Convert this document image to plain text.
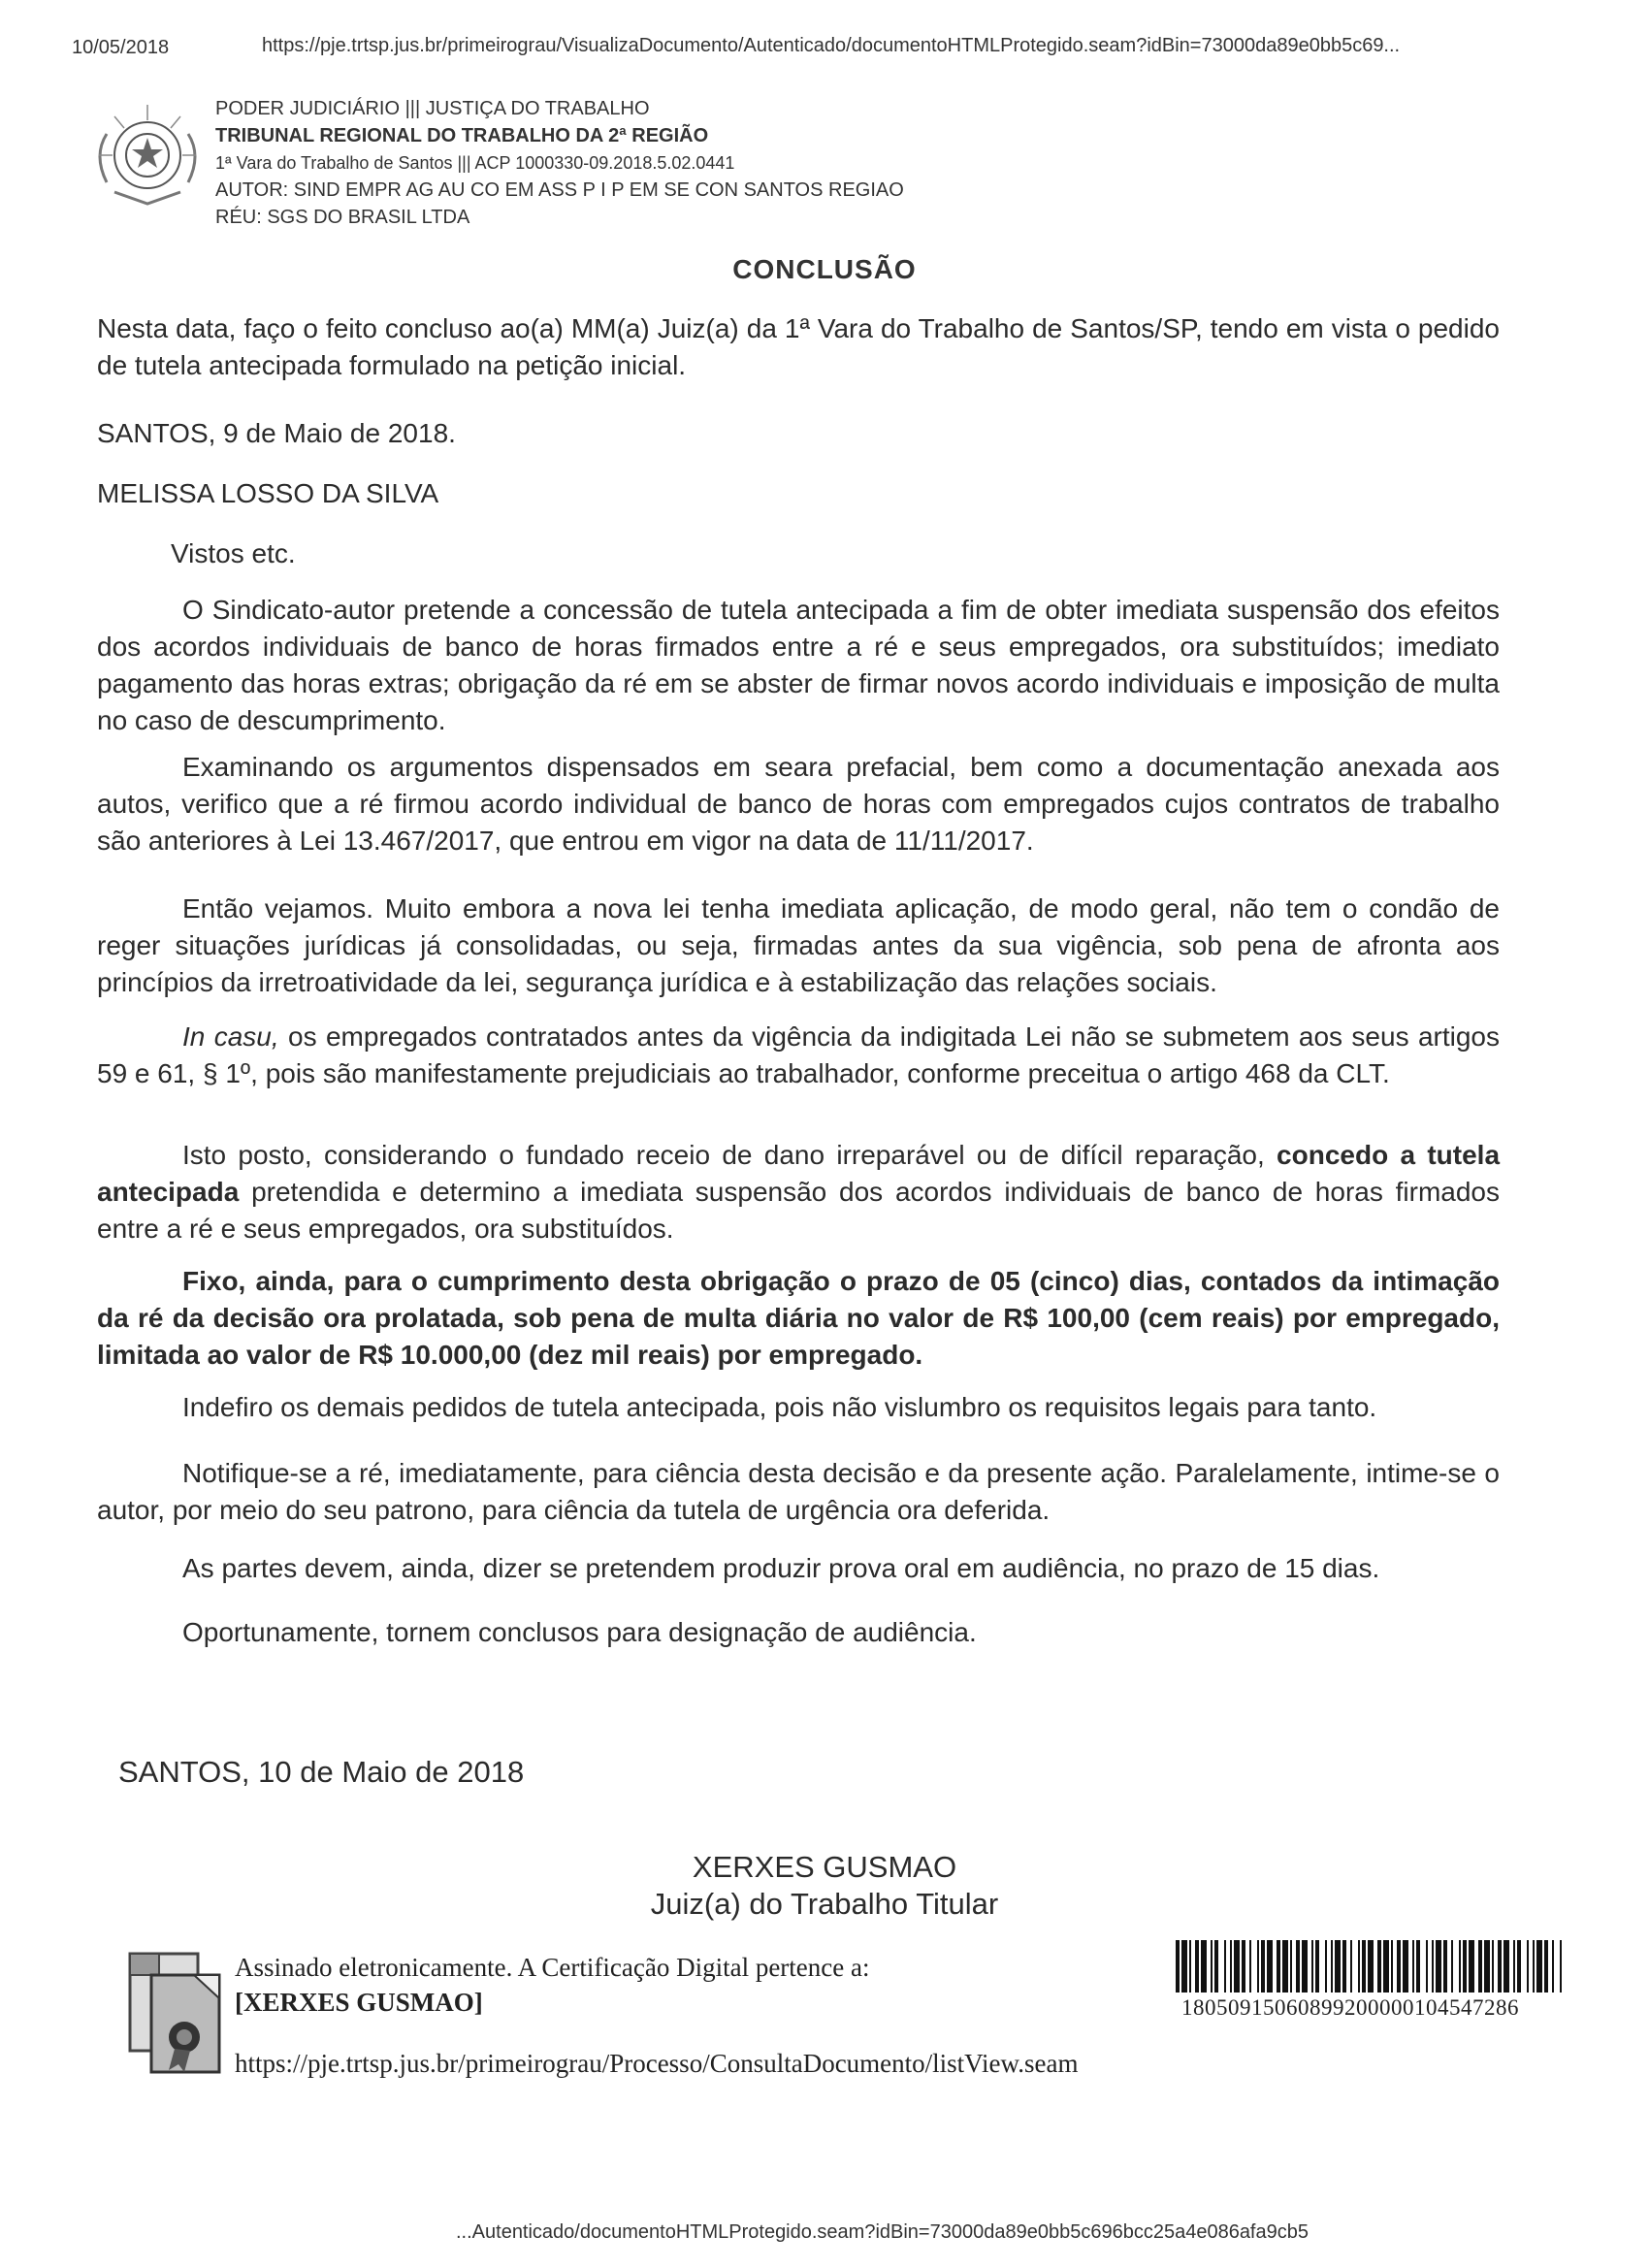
10/05/2018	https://pje.trtsp.jus.br/primeirograu/VisualizaDocumento/Autenticado/documentoHTMLProtegido.seam?idBin=73000da89e0bb5c69...
PODER JUDICIÁRIO ||| JUSTIÇA DO TRABALHO
TRIBUNAL REGIONAL DO TRABALHO DA 2ª REGIÃO
1ª Vara do Trabalho de Santos ||| ACP 1000330-09.2018.5.02.0441
AUTOR: SIND EMPR AG AU CO EM ASS P I P EM SE CON SANTOS REGIAO
RÉU: SGS DO BRASIL LTDA
CONCLUSÃO
Nesta data, faço o feito concluso ao(a) MM(a) Juiz(a) da 1ª Vara do Trabalho de Santos/SP, tendo em vista o pedido de tutela antecipada formulado na petição inicial.
SANTOS, 9 de Maio de 2018.
MELISSA LOSSO DA SILVA
Vistos etc.
O Sindicato-autor pretende a concessão de tutela antecipada a fim de obter imediata suspensão dos efeitos dos acordos individuais de banco de horas firmados entre a ré e seus empregados, ora substituídos; imediato pagamento das horas extras; obrigação da ré em se abster de firmar novos acordo individuais e imposição de multa no caso de descumprimento.
Examinando os argumentos dispensados em seara prefacial, bem como a documentação anexada aos autos, verifico que a ré firmou acordo individual de banco de horas com empregados cujos contratos de trabalho são anteriores à Lei 13.467/2017, que entrou em vigor na data de 11/11/2017.
Então vejamos. Muito embora a nova lei tenha imediata aplicação, de modo geral, não tem o condão de reger situações jurídicas já consolidadas, ou seja, firmadas antes da sua vigência, sob pena de afronta aos princípios da irretroatividade da lei, segurança jurídica e à estabilização das relações sociais.
In casu, os empregados contratados antes da vigência da indigitada Lei não se submetem aos seus artigos 59 e 61, § 1º, pois são manifestamente prejudiciais ao trabalhador, conforme preceitua o artigo 468 da CLT.
Isto posto, considerando o fundado receio de dano irreparável ou de difícil reparação, concedo a tutela antecipada pretendida e determino a imediata suspensão dos acordos individuais de banco de horas firmados entre a ré e seus empregados, ora substituídos.
Fixo, ainda, para o cumprimento desta obrigação o prazo de 05 (cinco) dias, contados da intimação da ré da decisão ora prolatada, sob pena de multa diária no valor de R$ 100,00 (cem reais) por empregado, limitada ao valor de R$ 10.000,00 (dez mil reais) por empregado.
Indefiro os demais pedidos de tutela antecipada, pois não vislumbro os requisitos legais para tanto.
Notifique-se a ré, imediatamente, para ciência desta decisão e da presente ação. Paralelamente, intime-se o autor, por meio do seu patrono, para ciência da tutela de urgência ora deferida.
As partes devem, ainda, dizer se pretendem produzir prova oral em audiência, no prazo de 15 dias.
Oportunamente, tornem conclusos para designação de audiência.
SANTOS, 10 de Maio de 2018
XERXES GUSMAO
Juiz(a) do Trabalho Titular
Assinado eletronicamente. A Certificação Digital pertence a:
[XERXES GUSMAO]
https://pje.trtsp.jus.br/primeirograu/Processo/ConsultaDocumento/listView.seam
18050915060899200000104547286
...Autenticado/documentoHTMLProtegido.seam?idBin=73000da89e0bb5c696bcc25a4e086afa9cb5
